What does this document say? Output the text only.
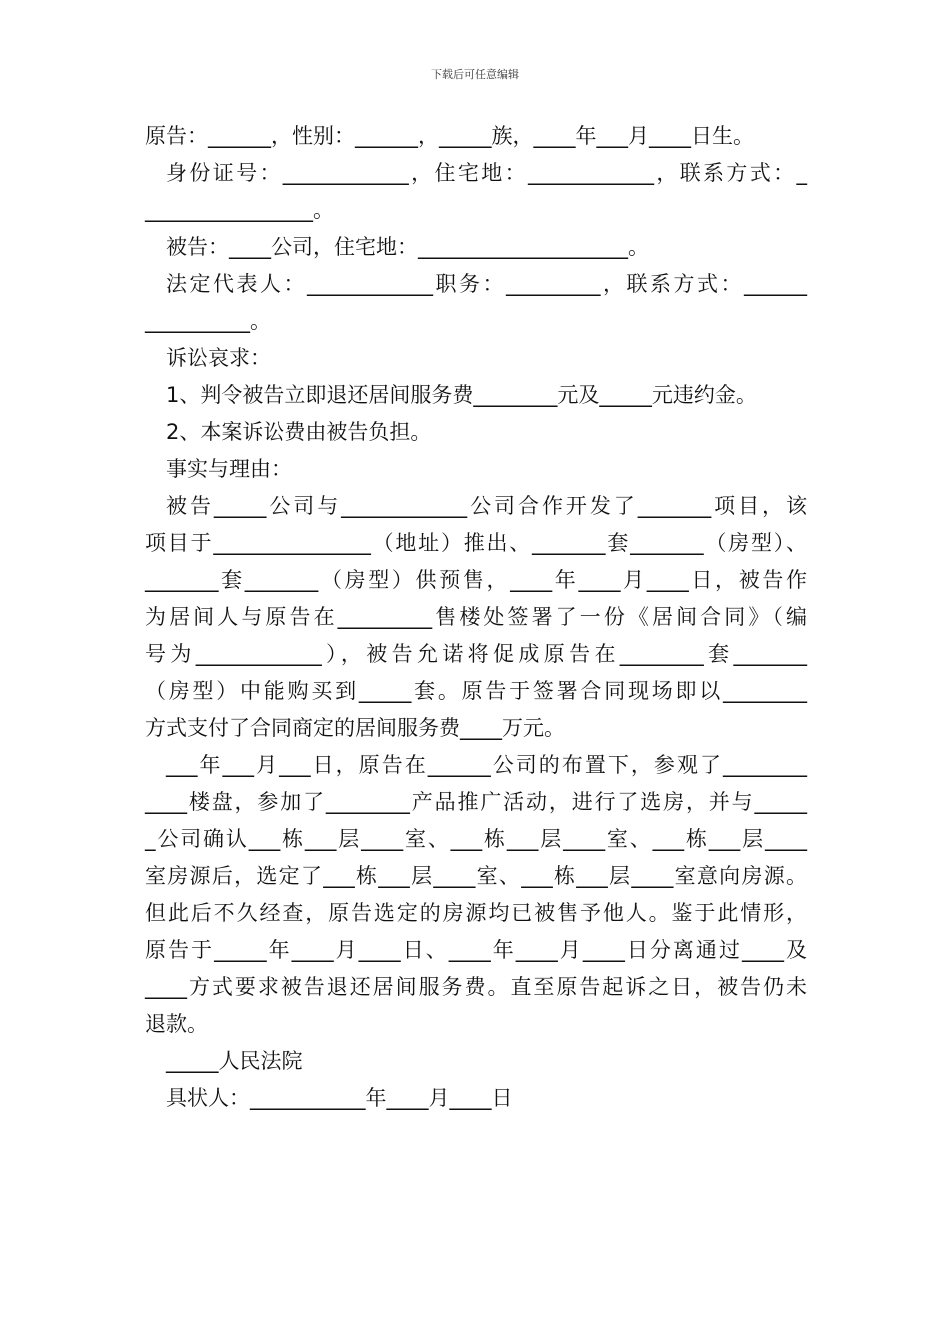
下载后可任意编辑

原告：______，性别：______，_____族，____年___月____日生。

身份证号：____________，住宅地：____________，联系方式：_

________________。

被告：____公司，住宅地：____________________。

法定代表人：____________职务：_________，联系方式：______

__________。

诉讼哀求：

1、判令被告立即退还居间服务费________元及_____元违约金。

2、本案诉讼费由被告负担。

事实与理由：

被告_____公司与____________公司合作开发了_______项目，该

项目于_______________（地址）推出、_______套_______（房型）、

_______套_______（房型）供预售，____年____月____日，被告作

为居间人与原告在_________售楼处签署了一份《居间合同》（编

号为____________），被告允诺将促成原告在________套_______

（房型）中能购买到_____套。原告于签署合同现场即以________

方式支付了合同商定的居间服务费____万元。

___年___月___日，原告在______公司的布置下，参观了________

____楼盘，参加了________产品推广活动，进行了选房，并与_____

_公司确认___栋___层____室、___栋___层____室、___栋___层____

室房源后，选定了___栋___层____室、___栋___层____室意向房源。

但此后不久经查，原告选定的房源均已被售予他人。鉴于此情形，

原告于_____年____月____日、____年____月____日分离通过____及

____方式要求被告退还居间服务费。直至原告起诉之日，被告仍未

退款。

_____人民法院

具状人：___________年____月____日
